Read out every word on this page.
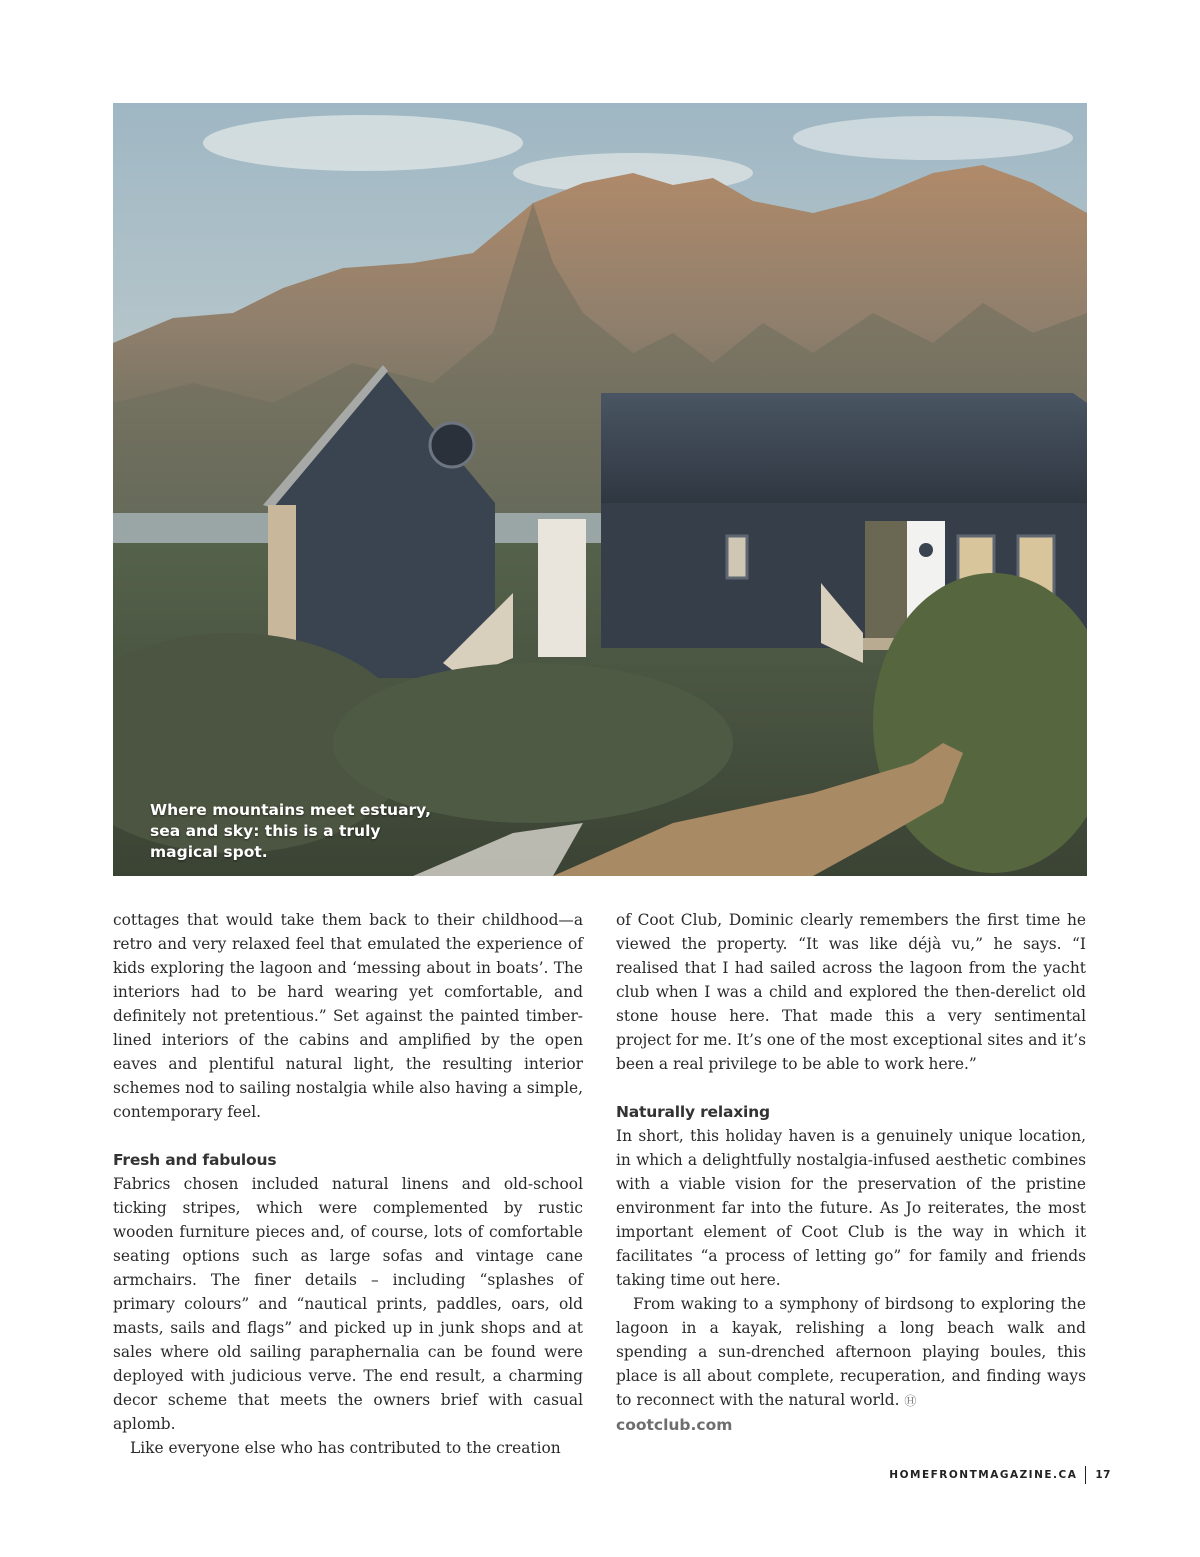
Where mountains meet estuary, sea and sky: this is a truly magical spot.

cottages that would take them back to their childhood—a retro and very relaxed feel that emulated the experience of kids exploring the lagoon and ‘messing about in boats’. The interiors had to be hard wearing yet comfortable, and definitely not pretentious.” Set against the painted timber-lined interiors of the cabins and amplified by the open eaves and plentiful natural light, the resulting interior schemes nod to sailing nostalgia while also having a simple, contemporary feel.

Fresh and fabulous

Fabrics chosen included natural linens and old-school ticking stripes, which were complemented by rustic wooden furniture pieces and, of course, lots of comfortable seating options such as large sofas and vintage cane armchairs. The finer details – including “splashes of primary colours” and “nautical prints, paddles, oars, old masts, sails and flags” and picked up in junk shops and at sales where old sailing paraphernalia can be found were deployed with judicious verve. The end result, a charming decor scheme that meets the owners brief with casual aplomb.

Like everyone else who has contributed to the creation

of Coot Club, Dominic clearly remembers the first time he viewed the property. “It was like déjà vu,” he says. “I realised that I had sailed across the lagoon from the yacht club when I was a child and explored the then-derelict old stone house here. That made this a very sentimental project for me. It’s one of the most exceptional sites and it’s been a real privilege to be able to work here.”

Naturally relaxing

In short, this holiday haven is a genuinely unique location, in which a delightfully nostalgia-infused aesthetic combines with a viable vision for the preservation of the pristine environment far into the future. As Jo reiterates, the most important element of Coot Club is the way in which it facilitates “a process of letting go” for family and friends taking time out here.

From waking to a symphony of birdsong to exploring the lagoon in a kayak, relishing a long beach walk and spending a sun-drenched afternoon playing boules, this place is all about complete, recuperation, and finding ways to reconnect with the natural world. Ⓗ

cootclub.com
HOMEFRONTMAGAZINE.CA 17
